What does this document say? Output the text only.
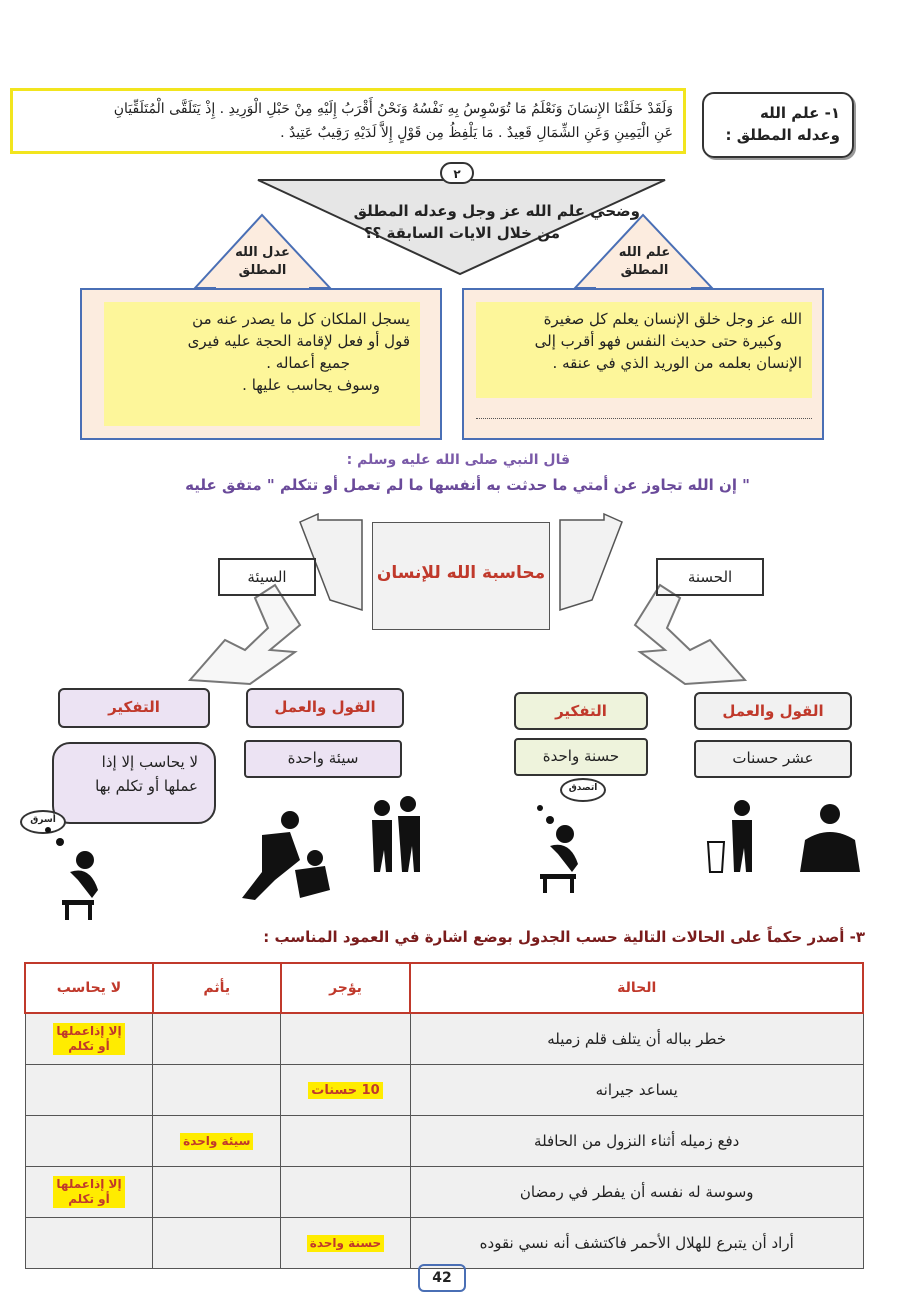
١- علم الله
وعدله المطلق :
وَلَقَدْ خَلَقْنَا الإِنسَانَ وَنَعْلَمُ مَا تُوَسْوِسُ بِهِ نَفْسُهُ وَنَحْنُ أَقْرَبُ إِلَيْهِ مِنْ حَبْلِ الْوَرِيدِ . إِذْ يَتَلَقَّى الْمُتَلَقِّيَانِ
عَنِ الْيَمِينِ وَعَنِ الشِّمَالِ قَعِيدٌ . مَا يَلْفِظُ مِن قَوْلٍ إِلاَّ لَدَيْهِ رَقِيبٌ عَتِيدٌ .
٢
وضحي علم الله عز وجل وعدله المطلق
من خلال الايات السابقة ؟؟
عدل الله
المطلق
علم الله
المطلق
يسجل الملكان كل ما يصدر عنه من
قول أو فعل لإقامة الحجة عليه فيرى
جميع أعماله .
وسوف يحاسب عليها .
الله عز وجل خلق الإنسان يعلم كل صغيرة
وكبيرة حتى حديث النفس فهو أقرب إلى
الإنسان بعلمه من الوريد الذي في عنقه .
قال النبي صلى الله عليه وسلم :
" إن الله تجاوز عن أمتي ما حدثت به أنفسها ما لم تعمل أو تتكلم " متفق عليه
محاسبة الله للإنسان
السيئة	الحسنة
التفكير	القول والعمل	التفكير	القول والعمل
لا يحاسب إلا إذا
عملها أو تكلم بها
سيئة واحدة	حسنة واحدة	عشر حسنات
أسرق
اتصدق
٣- أصدر حكماً على الحالات التالية حسب الجدول بوضع اشارة في العمود المناسب :
الحالة	يؤجر	يأثم	لا يحاسب
خطر بباله أن يتلف قلم زميله			إلا إذاعملها
أو تكلم
يساعد جيرانه	10 حسنات		
دفع زميله أثناء النزول من الحافلة		سيئة واحدة	
وسوسة له نفسه أن يفطر في رمضان			إلا إذاعملها
أو تكلم
أراد أن يتبرع للهلال الأحمر فاكتشف أنه نسي نقوده	حسنة واحدة		
42
